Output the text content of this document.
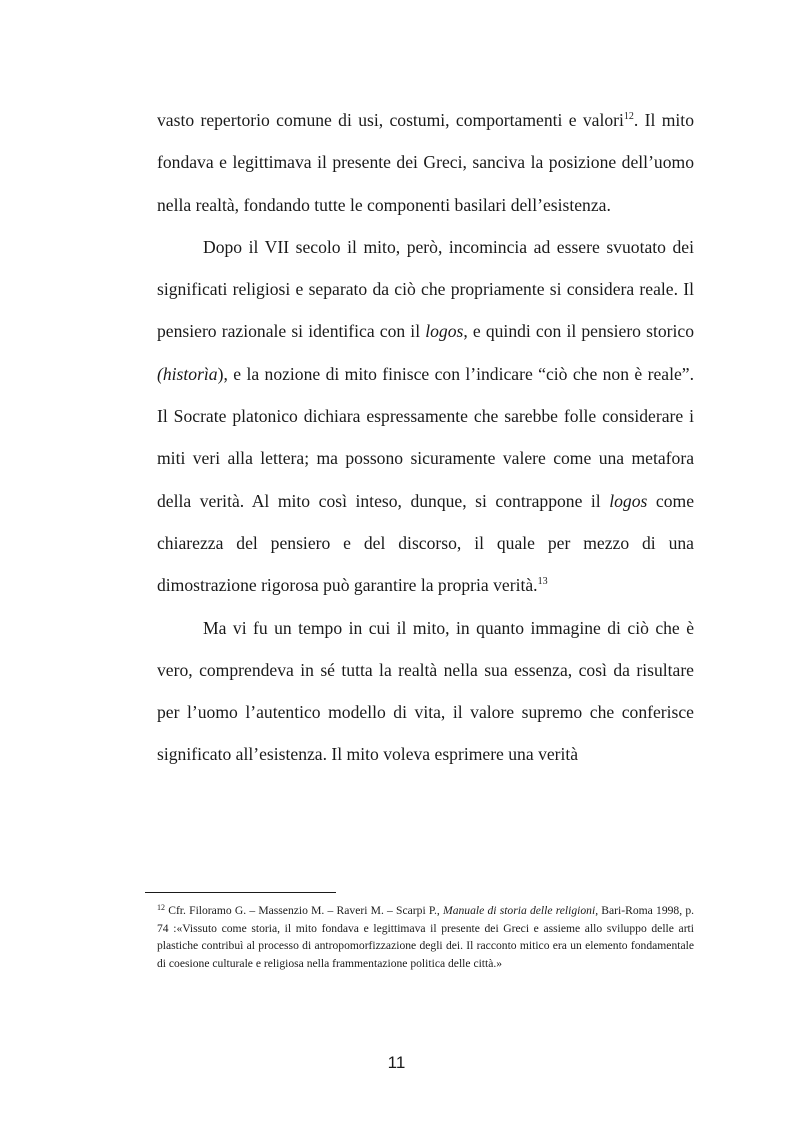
vasto repertorio comune di usi, costumi, comportamenti e valori$^{12}$. Il mito fondava e legittimava il presente dei Greci, sanciva la posizione dell’uomo nella realtà, fondando tutte le componenti basilari dell’esistenza.

Dopo il VII secolo il mito, però, incomincia ad essere svuotato dei significati religiosi e separato da ciò che propriamente si considera reale. Il pensiero razionale si identifica con il logos, e quindi con il pensiero storico (historìa), e la nozione di mito finisce con l’indicare “ciò che non è reale”. Il Socrate platonico dichiara espressamente che sarebbe folle considerare i miti veri alla lettera; ma possono sicuramente valere come una metafora della verità. Al mito così inteso, dunque, si contrappone il logos come chiarezza del pensiero e del discorso, il quale per mezzo di una dimostrazione rigorosa può garantire la propria verità.$^{13}$

Ma vi fu un tempo in cui il mito, in quanto immagine di ciò che è vero, comprendeva in sé tutta la realtà nella sua essenza, così da risultare per l’uomo l’autentico modello di vita, il valore supremo che conferisce significato all’esistenza. Il mito voleva esprimere una verità

$^{12}$ Cfr. Filoramo G. – Massenzio M. – Raveri M. – Scarpi P., Manuale di storia delle religioni, Bari-Roma 1998, p. 74 :«Vissuto come storia, il mito fondava e legittimava il presente dei Greci e assieme allo sviluppo delle arti plastiche contribuì al processo di antropomorfizzazione degli dei. Il racconto mitico era un elemento fondamentale di coesione culturale e religiosa nella frammentazione politica delle città.»

11
